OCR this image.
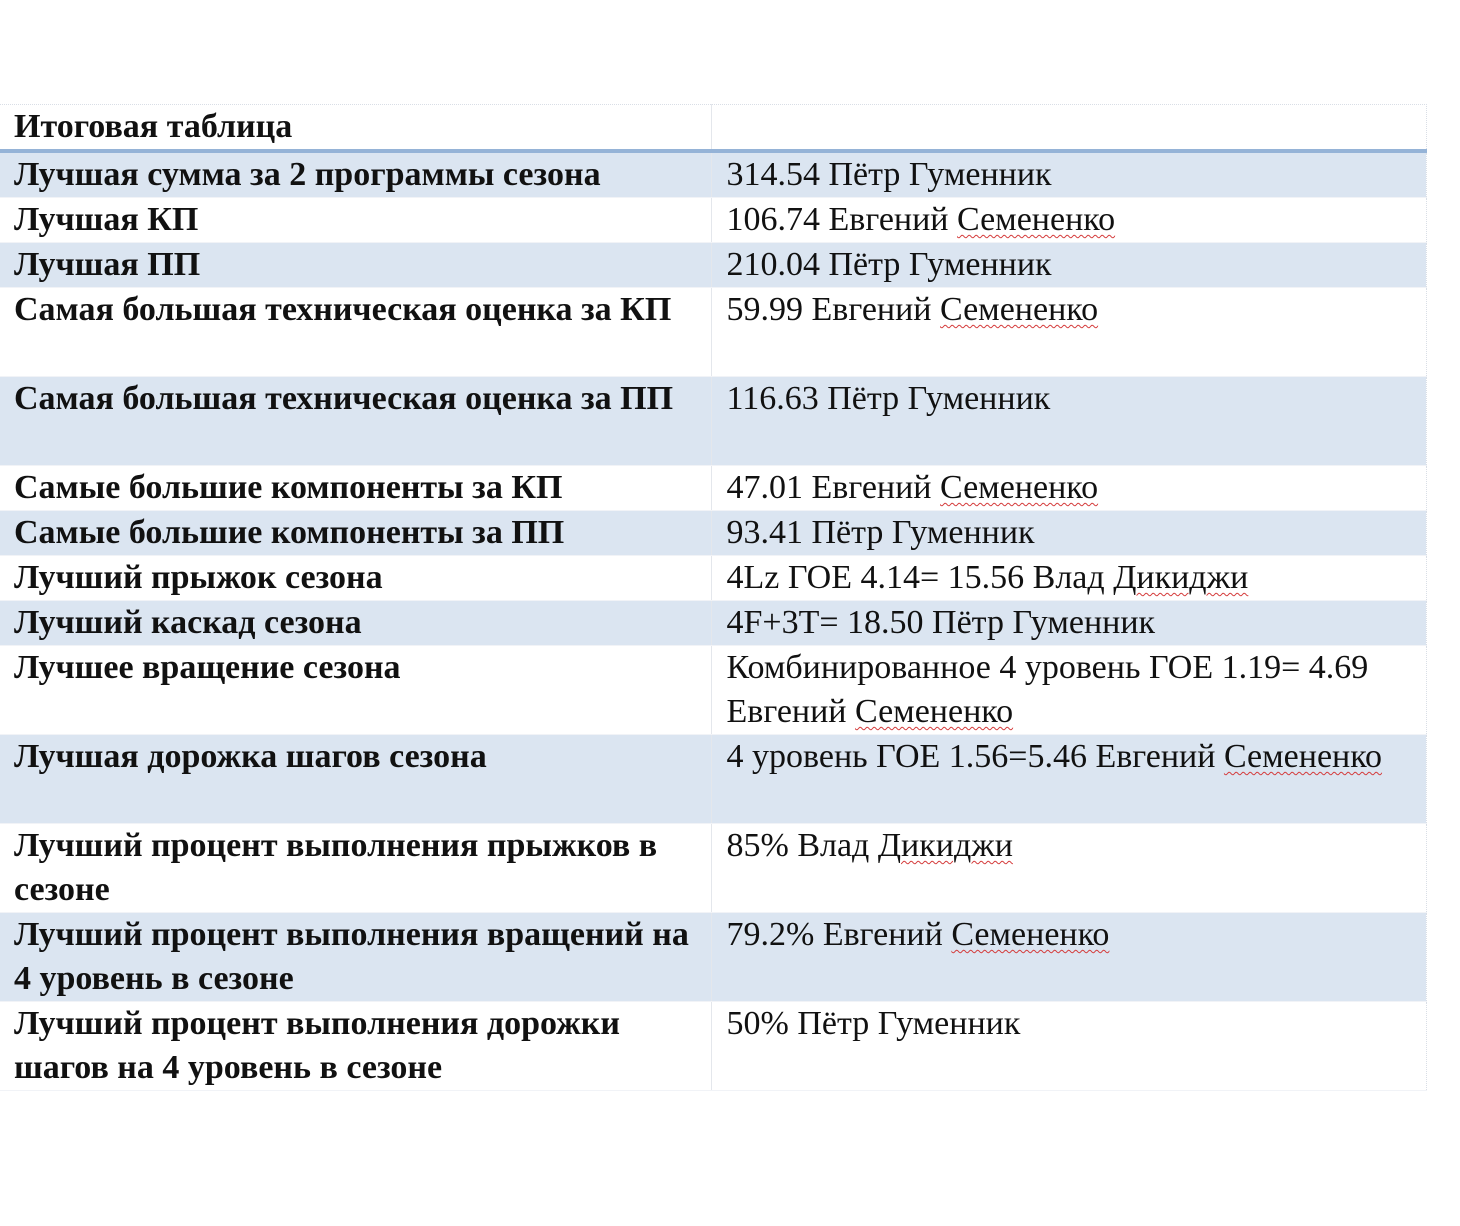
Итоговая таблица	
Лучшая сумма за 2 программы сезона	314.54 Пётр Гуменник
Лучшая КП	106.74 Евгений Семененко
Лучшая ПП	210.04 Пётр Гуменник
Самая большая техническая оценка за КП	59.99 Евгений Семененко
Самая большая техническая оценка за ПП	116.63 Пётр Гуменник
Самые большие компоненты за КП	47.01 Евгений Семененко
Самые большие компоненты за ПП	93.41 Пётр Гуменник
Лучший прыжок сезона	4Lz ГОЕ 4.14= 15.56 Влад Дикиджи
Лучший каскад сезона	4F+3T= 18.50 Пётр Гуменник
Лучшее вращение сезона	Комбинированное 4 уровень ГОЕ 1.19= 4.69 Евгений Семененко
Лучшая дорожка шагов сезона	4 уровень ГОЕ 1.56=5.46 Евгений Семененко
Лучший процент выполнения прыжков в сезоне	85% Влад Дикиджи
Лучший процент выполнения вращений на 4 уровень в сезоне	79.2% Евгений Семененко
Лучший процент выполнения дорожки шагов на 4 уровень в сезоне	50% Пётр Гуменник
